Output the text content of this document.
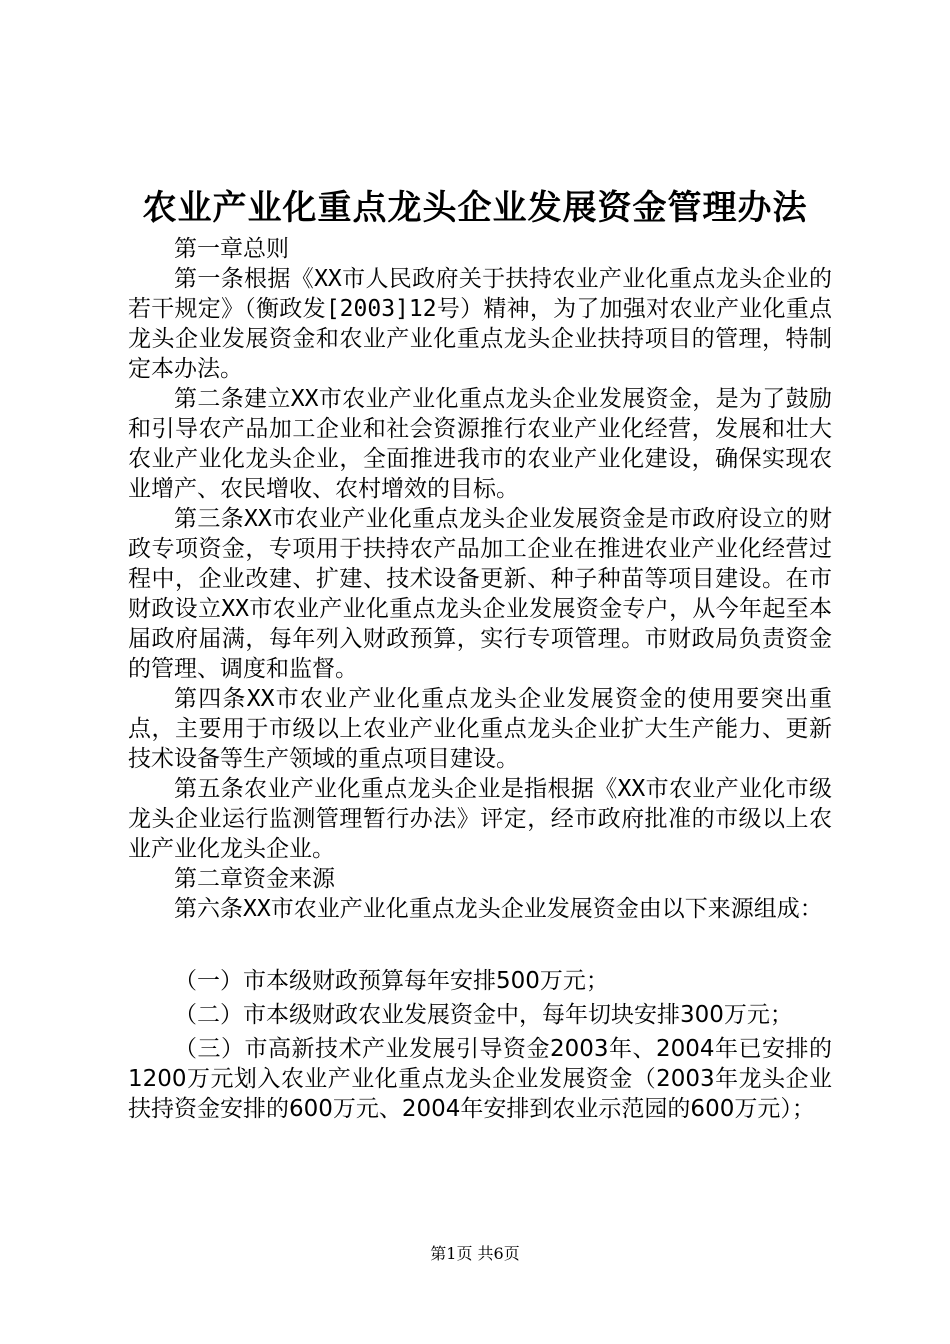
农业产业化重点龙头企业发展资金管理办法

第一章总则

第一条根据《XX市人民政府关于扶持农业产业化重点龙头企业的若干规定》（衡政发[2003]12号）精神，为了加强对农业产业化重点龙头企业发展资金和农业产业化重点龙头企业扶持项目的管理，特制定本办法。

第二条建立XX市农业产业化重点龙头企业发展资金，是为了鼓励和引导农产品加工企业和社会资源推行农业产业化经营，发展和壮大农业产业化龙头企业，全面推进我市的农业产业化建设，确保实现农业增产、农民增收、农村增效的目标。

第三条XX市农业产业化重点龙头企业发展资金是市政府设立的财政专项资金，专项用于扶持农产品加工企业在推进农业产业化经营过程中，企业改建、扩建、技术设备更新、种子种苗等项目建设。在市财政设立XX市农业产业化重点龙头企业发展资金专户，从今年起至本届政府届满，每年列入财政预算，实行专项管理。市财政局负责资金的管理、调度和监督。

第四条XX市农业产业化重点龙头企业发展资金的使用要突出重点，主要用于市级以上农业产业化重点龙头企业扩大生产能力、更新技术设备等生产领域的重点项目建设。

第五条农业产业化重点龙头企业是指根据《XX市农业产业化市级龙头企业运行监测管理暂行办法》评定，经市政府批准的市级以上农业产业化龙头企业。

第二章资金来源

第六条XX市农业产业化重点龙头企业发展资金由以下来源组成：

（一）市本级财政预算每年安排500万元；

（二）市本级财政农业发展资金中，每年切块安排300万元；

（三）市高新技术产业发展引导资金2003年、2004年已安排的1200万元划入农业产业化重点龙头企业发展资金（2003年龙头企业扶持资金安排的600万元、2004年安排到农业示范园的600万元）；

第1页 共6页
